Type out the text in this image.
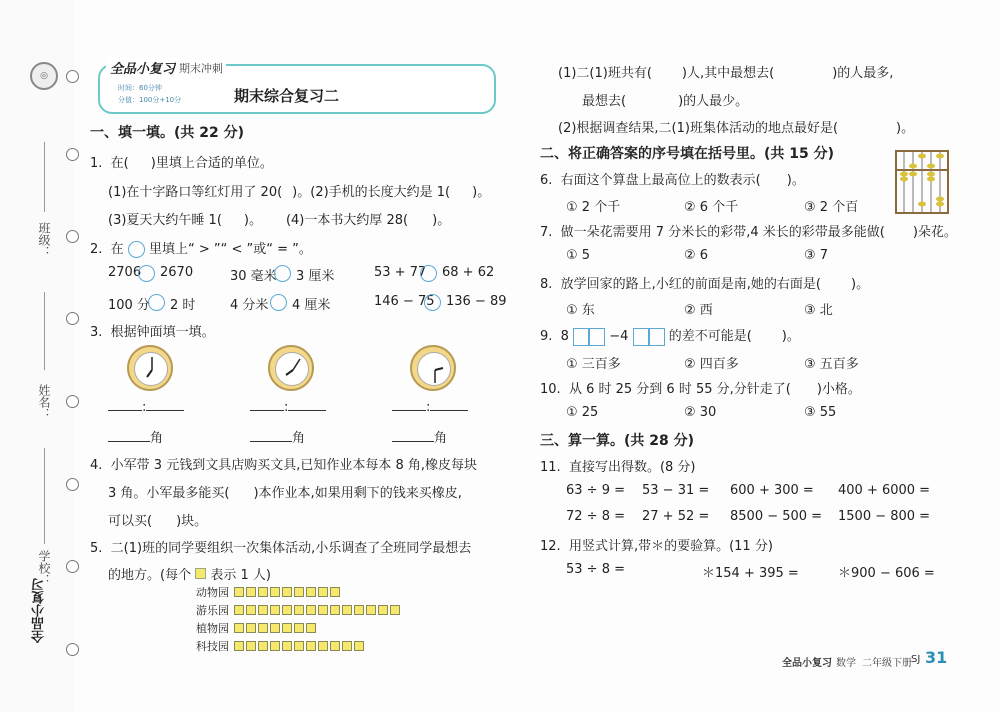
◎
班级：
姓名：
学校：
全品小复习
全品小复习 期末冲刺
时间：60分钟
分值：100分+10分	期末综合复习二
一、填一填。(共 22 分)
1. 在( )里填上合适的单位。
(1)在十字路口等红灯用了 20( )。(2)手机的长度大约是 1( )。
(3)夏天大约午睡 1( )。 (4)一本书大约厚 28( )。
2. 在 里填上“ > ”“ < ”或“ = ”。
2706 2670	30 毫米 3 厘米	53 + 77 68 + 62
100 分 2 时	4 分米 4 厘米	146 − 75 136 − 89
3. 根据钟面填一填。
:	:	:
角	角	角
4. 小军带 3 元钱到文具店购买文具,已知作业本每本 8 角,橡皮每块
3 角。小军最多能买( )本作业本,如果用剩下的钱来买橡皮,
可以买( )块。
5. 二(1)班的同学要组织一次集体活动,小乐调查了全班同学最想去
的地方。(每个 表示 1 人)
动物园
游乐园
植物园
科技园
(1)二(1)班共有( )人,其中最想去(	)的人最多,
最想去(	)的人最少。
(2)根据调查结果,二(1)班集体活动的地点最好是(	)。
二、将正确答案的序号填在括号里。(共 15 分)
6. 右面这个算盘上最高位上的数表示( )。
① 2 个千	② 6 个千	③ 2 个百
7. 做一朵花需要用 7 分米长的彩带,4 米长的彩带最多能做( )朵花。
① 5	② 6	③ 7
8. 放学回家的路上,小红的前面是南,她的右面是( )。
① 东	② 西	③ 北
9. 8	−4	的差不可能是( )。
① 三百多	② 四百多	③ 五百多
10. 从 6 时 25 分到 6 时 55 分,分针走了( )小格。
① 25	② 30	③ 55
三、算一算。(共 28 分)
11. 直接写出得数。(8 分)
63 ÷ 9 = 53 − 31 = 600 + 300 = 400 + 6000 =
72 ÷ 8 = 27 + 52 = 8500 − 500 = 1500 − 800 =
12. 用竖式计算,带＊的要验算。(11 分)
53 ÷ 8 =	＊154 + 395 =	＊900 − 606 =
全品小复习 数学 二年级下册 SJ 31
